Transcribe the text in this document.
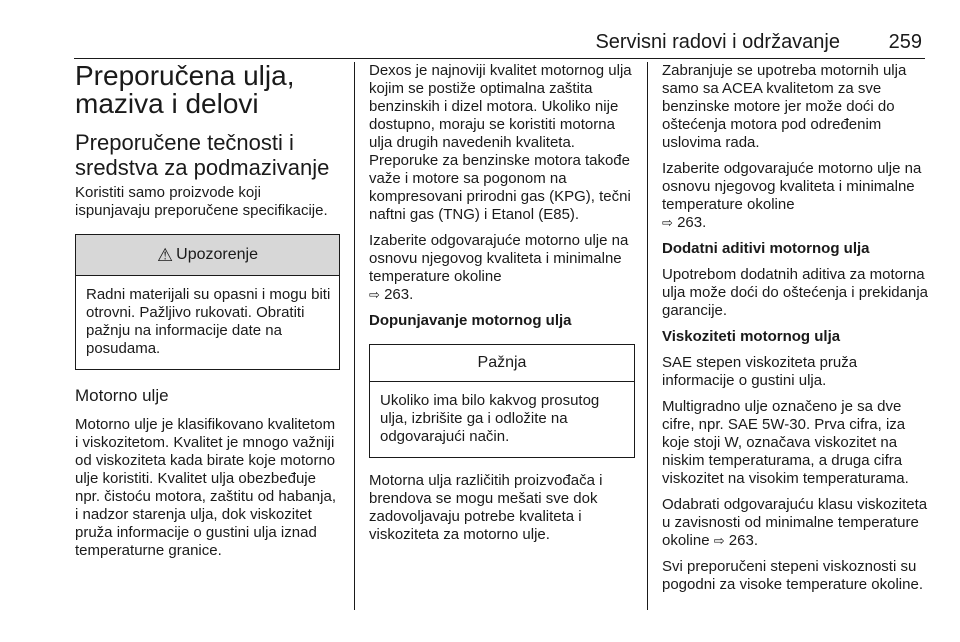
Servisni radovi i održavanje	259
Preporučena ulja,
maziva i delovi
Preporučene tečnosti i
sredstva za podmazivanje

Koristiti samo proizvode koji ispunjavaju preporučene specifikacije.

⚠ Upozorenje
Radni materijali su opasni i mogu biti otrovni. Pažljivo rukovati. Obratiti pažnju na informacije date na posudama.
Motorno ulje

Motorno ulje je klasifikovano kvalitetom i viskozitetom. Kvalitet je mnogo važniji od viskoziteta kada birate koje motorno ulje koristiti. Kvalitet ulja obezbeđuje npr. čistoću motora, zaštitu od habanja, i nadzor starenja ulja, dok viskozitet pruža informacije o gustini ulja iznad temperaturne granice.

Dexos je najnoviji kvalitet motornog ulja kojim se postiže optimalna zaštita benzinskih i dizel motora. Ukoliko nije dostupno, moraju se koristiti motorna ulja drugih navedenih kvaliteta. Preporuke za benzinske motora takođe važe i motore sa pogonom na kompresovani prirodni gas (KPG), tečni naftni gas (TNG) i Etanol (E85).

Izaberite odgovarajuće motorno ulje na osnovu njegovog kvaliteta i minimalne temperature okoline
⇨ 263.

Dopunjavanje motornog ulja

Pažnja
Ukoliko ima bilo kakvog prosutog ulja, izbrišite ga i odložite na odgovarajući način.

Motorna ulja različitih proizvođača i brendova se mogu mešati sve dok zadovoljavaju potrebe kvaliteta i viskoziteta za motorno ulje.

Zabranjuje se upotreba motornih ulja samo sa ACEA kvalitetom za sve benzinske motore jer može doći do oštećenja motora pod određenim uslovima rada.

Izaberite odgovarajuće motorno ulje na osnovu njegovog kvaliteta i minimalne temperature okoline
⇨ 263.

Dodatni aditivi motornog ulja

Upotrebom dodatnih aditiva za motorna ulja može doći do oštećenja i prekidanja garancije.

Viskoziteti motornog ulja

SAE stepen viskoziteta pruža informacije o gustini ulja.

Multigradno ulje označeno je sa dve cifre, npr. SAE 5W-30. Prva cifra, iza koje stoji W, označava viskozitet na niskim temperaturama, a druga cifra viskozitet na visokim temperaturama.

Odabrati odgovarajuću klasu viskoziteta u zavisnosti od minimalne temperature okoline ⇨ 263.

Svi preporučeni stepeni viskoznosti su pogodni za visoke temperature okoline.
